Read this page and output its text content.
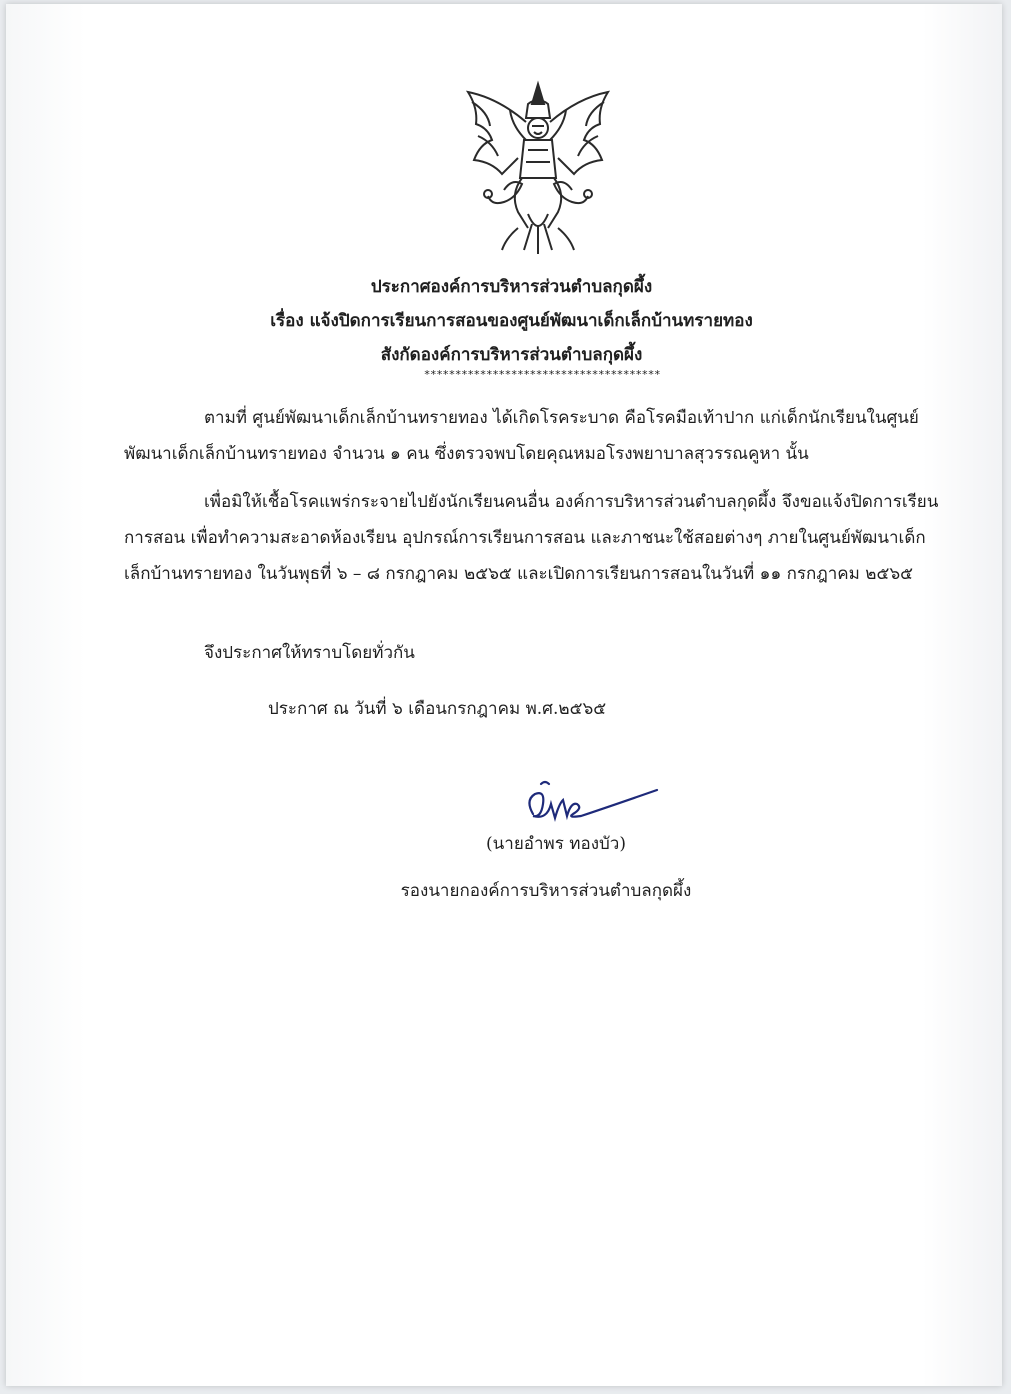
ประกาศองค์การบริหารส่วนตำบลกุดผึ้ง
เรื่อง แจ้งปิดการเรียนการสอนของศูนย์พัฒนาเด็กเล็กบ้านทรายทอง
สังกัดองค์การบริหารส่วนตำบลกุดผึ้ง
**************************************

ตามที่ ศูนย์พัฒนาเด็กเล็กบ้านทรายทอง ได้เกิดโรคระบาด คือโรคมือเท้าปาก แก่เด็กนักเรียนในศูนย์พัฒนาเด็กเล็กบ้านทรายทอง จำนวน ๑ คน ซึ่งตรวจพบโดยคุณหมอโรงพยาบาลสุวรรณคูหา นั้น

เพื่อมิให้เชื้อโรคแพร่กระจายไปยังนักเรียนคนอื่น องค์การบริหารส่วนตำบลกุดผึ้ง จึงขอแจ้งปิดการเรียนการสอน เพื่อทำความสะอาดห้องเรียน อุปกรณ์การเรียนการสอน และภาชนะใช้สอยต่างๆ ภายในศูนย์พัฒนาเด็กเล็กบ้านทรายทอง ในวันพุธที่ ๖ – ๘ กรกฎาคม ๒๕๖๕ และเปิดการเรียนการสอนในวันที่ ๑๑ กรกฎาคม ๒๕๖๕

จึงประกาศให้ทราบโดยทั่วกัน

ประกาศ ณ วันที่ ๖ เดือนกรกฎาคม พ.ศ.๒๕๖๕
(นายอำพร ทองบัว)
รองนายกองค์การบริหารส่วนตำบลกุดผึ้ง
